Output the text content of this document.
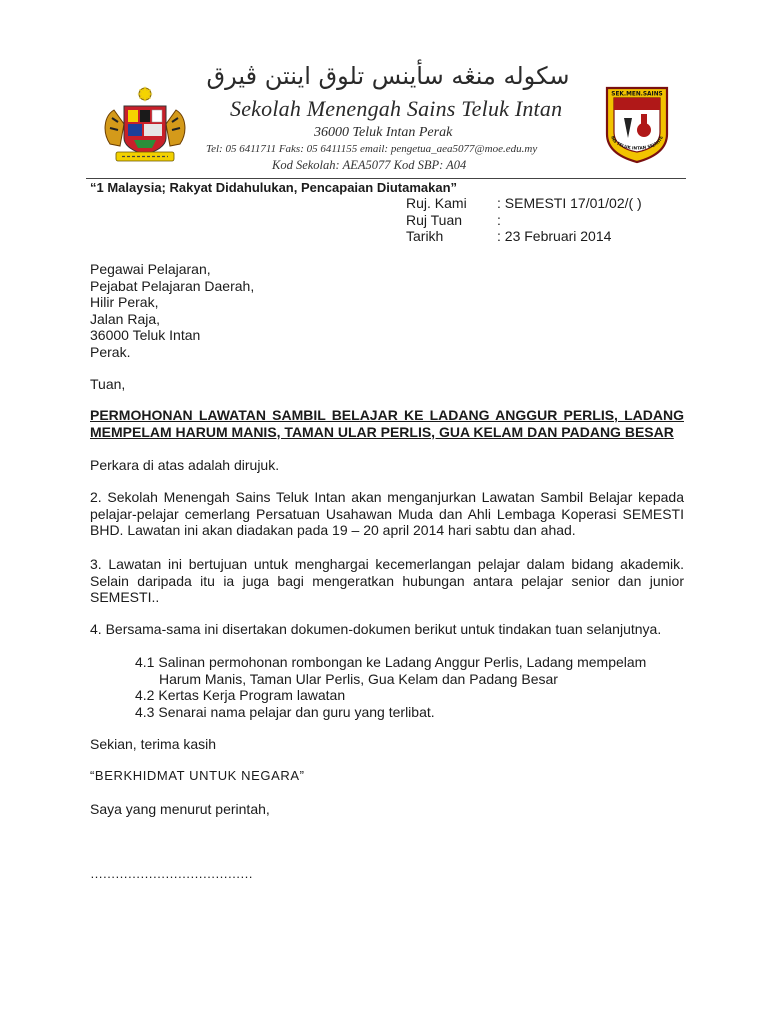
سکوله منڠه سأينس تلوق اينتن ڤيرق
Sekolah Menengah Sains Teluk Intan
36000 Teluk Intan Perak
Tel: 05 6411711 Faks: 05 6411155 email: pengetua_aea5077@moe.edu.my
Kod Sekolah: AEA5077 Kod SBP: A04
SEK.MEN.SAINS
INS TELUK INTAN SEJAHTE
“1 Malaysia; Rakyat Didahulukan, Pencapaian Diutamakan”
Ruj. Kami	: SEMESTI 17/01/02/( )
Ruj Tuan	:
Tarikh	: 23 Februari 2014
Pegawai Pelajaran,
Pejabat Pelajaran Daerah,
Hilir Perak,
Jalan Raja,
36000 Teluk Intan
Perak.
Tuan,
PERMOHONAN LAWATAN SAMBIL BELAJAR KE LADANG ANGGUR PERLIS, LADANG
MEMPELAM HARUM MANIS, TAMAN ULAR PERLIS, GUA KELAM DAN PADANG BESAR
Perkara di atas adalah dirujuk.
2. Sekolah Menengah Sains Teluk Intan akan menganjurkan Lawatan Sambil Belajar kepada pelajar-pelajar cemerlang Persatuan Usahawan Muda dan Ahli Lembaga Koperasi SEMESTI BHD. Lawatan ini akan diadakan pada 19 – 20 april 2014 hari sabtu dan ahad.
3. Lawatan ini bertujuan untuk menghargai kecemerlangan pelajar dalam bidang akademik. Selain daripada itu ia juga bagi mengeratkan hubungan antara pelajar senior dan junior SEMESTI..
4. Bersama-sama ini disertakan dokumen-dokumen berikut untuk tindakan tuan selanjutnya.
4.1 Salinan permohonan rombongan ke Ladang Anggur Perlis, Ladang mempelam
Harum Manis, Taman Ular Perlis, Gua Kelam dan Padang Besar
4.2 Kertas Kerja Program lawatan
4.3 Senarai nama pelajar dan guru yang terlibat.
Sekian, terima kasih
“BERKHIDMAT UNTUK NEGARA”
Saya yang menurut perintah,
…………………………………
